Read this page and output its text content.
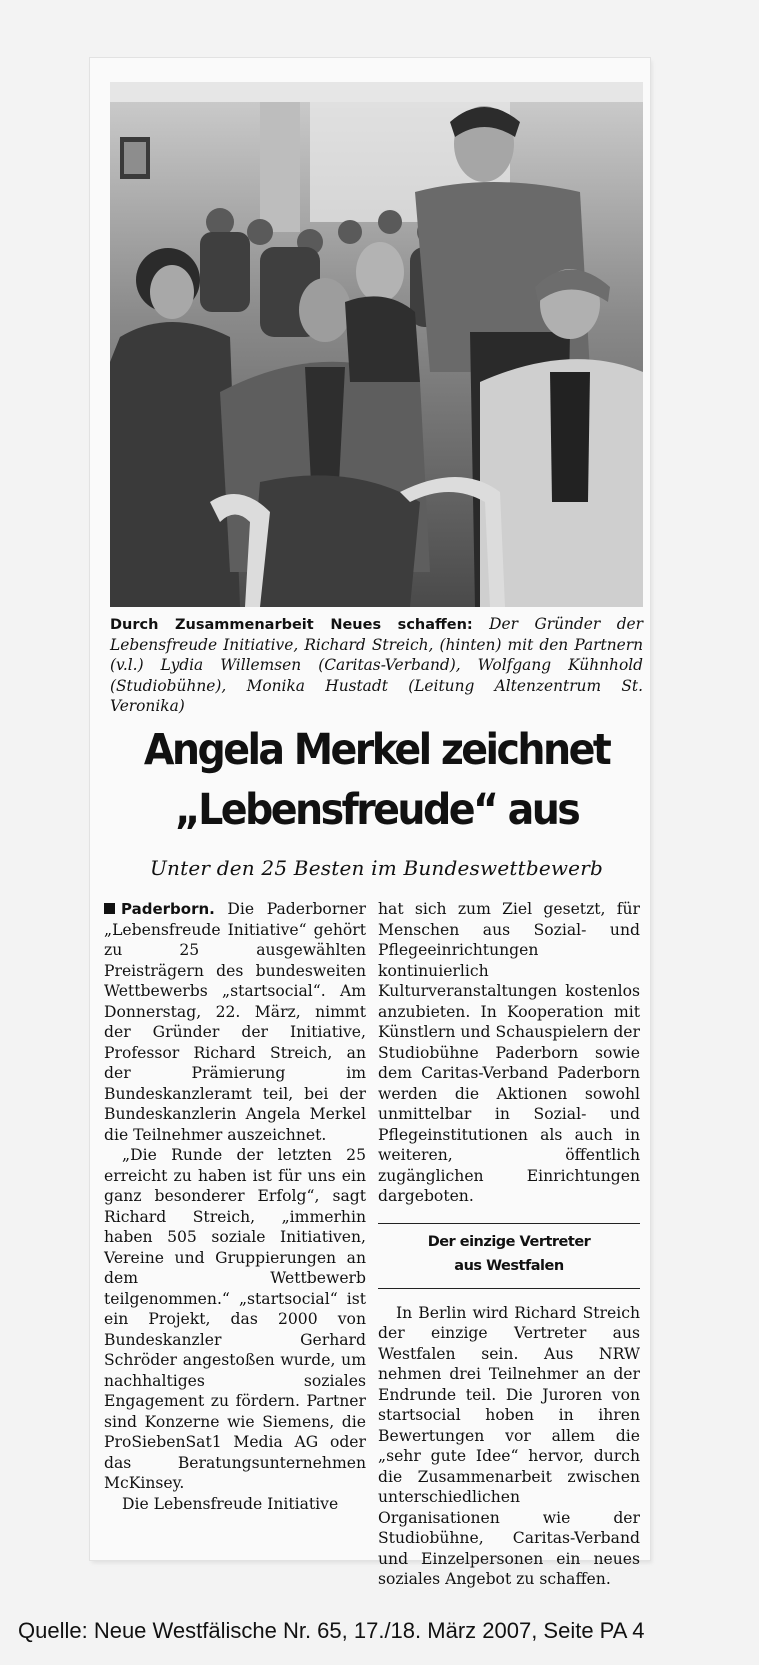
Durch Zusammenarbeit Neues schaffen: Der Gründer der Lebensfreude Initiative, Richard Streich, (hinten) mit den Partnern (v.l.) Lydia Willemsen (Caritas-Verband), Wolfgang Kühnhold (Studiobühne), Monika Hustadt (Leitung Altenzentrum St. Veronika)
Angela Merkel zeichnet
„Lebensfreude“ aus
Unter den 25 Besten im Bundeswettbewerb

Paderborn. Die Paderborner „Lebensfreude Initiative“ gehört zu 25 ausgewählten Preisträgern des bundesweiten Wettbewerbs „startsocial“. Am Donnerstag, 22. März, nimmt der Gründer der Initiative, Professor Richard Streich, an der Prämierung im Bundeskanzleramt teil, bei der Bundeskanzlerin Angela Merkel die Teilnehmer auszeichnet.

„Die Runde der letzten 25 erreicht zu haben ist für uns ein ganz besonderer Erfolg“, sagt Richard Streich, „immerhin haben 505 soziale Initiativen, Vereine und Gruppierungen an dem Wettbewerb teilgenommen.“ „startsocial“ ist ein Projekt, das 2000 von Bundeskanzler Gerhard Schröder angestoßen wurde, um nachhaltiges soziales Engagement zu fördern. Partner sind Konzerne wie Siemens, die ProSiebenSat1 Media AG oder das Beratungsunternehmen McKinsey.

Die Lebensfreude Initiative

Der einzige Vertreter
aus Westfalen

In Berlin wird Richard Streich der einzige Vertreter aus Westfalen sein. Aus NRW nehmen drei Teilnehmer an der Endrunde teil. Die Juroren von startsocial hoben in ihren Bewertungen vor allem die „sehr gute Idee“ hervor, durch die Zusammenarbeit zwischen unterschiedlichen Organisationen wie der Studiobühne, Caritas-Verband und Einzelpersonen ein neues soziales Angebot zu schaffen.

Quelle: Neue Westfälische Nr. 65, 17./18. März 2007, Seite PA 4

hat sich zum Ziel gesetzt, für Menschen aus Sozial- und Pflegeeinrichtungen kontinuierlich Kulturveranstaltungen kostenlos anzubieten. In Kooperation mit Künstlern und Schauspielern der Studiobühne Paderborn sowie dem Caritas-Verband Paderborn werden die Aktionen sowohl unmittelbar in Sozial- und Pflegeinstitutionen als auch in weiteren, öffentlich zugänglichen Einrichtungen dargeboten.
